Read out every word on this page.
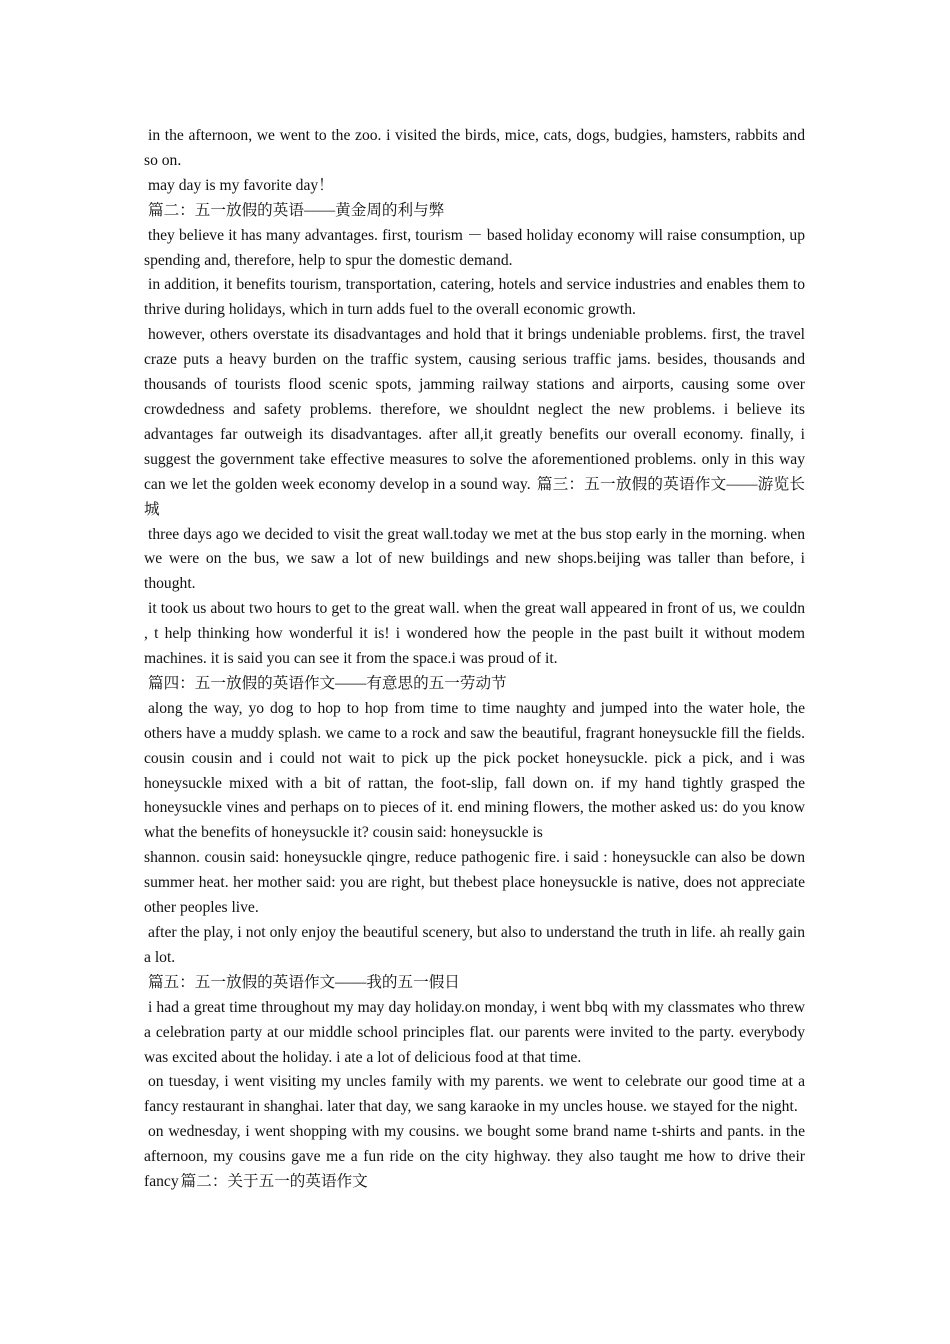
in the afternoon, we went to the zoo. i visited the birds, mice, cats, dogs, budgies, hamsters, rabbits and so on.

may day is my favorite day！

篇二：五一放假的英语——黄金周的利与弊

they believe it has many advantages. first, tourism － based holiday economy will raise consumption, up spending and, therefore, help to spur the domestic demand.

in addition, it benefits tourism, transportation, catering, hotels and service industries and enables them to thrive during holidays, which in turn adds fuel to the overall economic growth.

however, others overstate its disadvantages and hold that it brings undeniable problems. first, the travel craze puts a heavy burden on the traffic system, causing serious traffic jams. besides, thousands and thousands of tourists flood scenic spots, jamming railway stations and airports, causing some over crowdedness and safety problems. therefore, we shouldnt neglect the new problems. i believe its advantages far outweigh its disadvantages. after all,it greatly benefits our overall economy. finally, i suggest the government take effective measures to solve the aforementioned problems. only in this way can we let the golden week economy develop in a sound way. 篇三：五一放假的英语作文——游览长城

three days ago we decided to visit the great wall.today we met at the bus stop early in the morning. when we were on the bus, we saw a lot of new buildings and new shops.beijing was taller than before, i thought.

it took us about two hours to get to the great wall. when the great wall appeared in front of us, we couldn , t help thinking how wonderful it is! i wondered how the people in the past built it without modem machines. it is said you can see it from the space.i was proud of it.

篇四：五一放假的英语作文——有意思的五一劳动节

along the way, yo dog to hop to hop from time to time naughty and jumped into the water hole, the others have a muddy splash. we came to a rock and saw the beautiful, fragrant honeysuckle fill the fields. cousin cousin and i could not wait to pick up the pick pocket honeysuckle. pick a pick, and i was honeysuckle mixed with a bit of rattan, the foot-slip, fall down on. if my hand tightly grasped the honeysuckle vines and perhaps on to pieces of it. end mining flowers, the mother asked us: do you know what the benefits of honeysuckle it? cousin said: honeysuckle is

shannon. cousin said: honeysuckle qingre, reduce pathogenic fire. i said : honeysuckle can also be down summer heat. her mother said: you are right, but thebest place honeysuckle is native, does not appreciate other peoples live.

after the play, i not only enjoy the beautiful scenery, but also to understand the truth in life. ah really gain a lot.

篇五：五一放假的英语作文——我的五一假日

i had a great time throughout my may day holiday.on monday, i went bbq with my classmates who threw a celebration party at our middle school principles flat. our parents were invited to the party. everybody was excited about the holiday. i ate a lot of delicious food at that time.

on tuesday, i went visiting my uncles family with my parents. we went to celebrate our good time at a fancy restaurant in shanghai. later that day, we sang karaoke in my uncles house. we stayed for the night.

on wednesday, i went shopping with my cousins. we bought some brand name t-shirts and pants. in the afternoon, my cousins gave me a fun ride on the city highway. they also taught me how to drive their fancy 篇二：关于五一的英语作文
